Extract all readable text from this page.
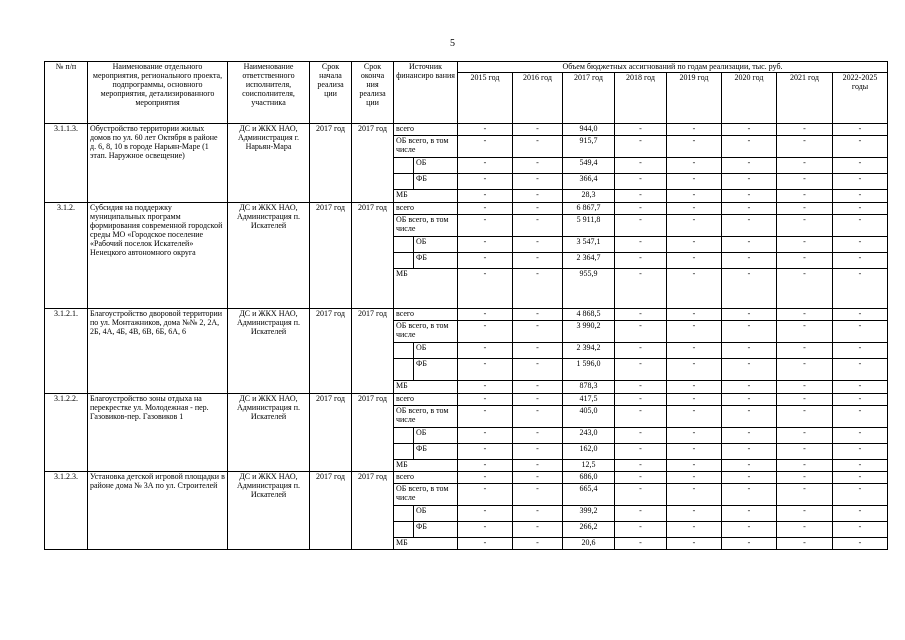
5
№ п/п	Наименование отдельного мероприятия, регионального проекта, подпрограммы, основного мероприятия, детализированного мероприятия	Наименование ответственного исполнителя, соисполнителя, участника	Срок начала реализа ции	Срок оконча ния реализа ции	Источник финансиро вания		Объем бюджетных ассигнований по годам реализации, тыс. руб.							
							2015 год	2016 год	2017 год	2018 год	2019 год	2020 год	2021 год	2022-2025 годы
3.1.1.3.	Обустройство территории жилых домов по ул. 60 лет Октября в районе д. 6, 8, 10 в городе Нарьян-Маре (1 этап. Наружное освещение)	ДС и ЖКХ НАО, Администрация г. Нарьян-Мара	2017 год	2017 год	всего		-	-	944,0	-	-	-	-	-
					ОБ всего, в том числе		-	-	915,7	-	-	-	-	-
						ОБ	-	-	549,4	-	-	-	-	-
						ФБ	-	-	366,4	-	-	-	-	-
					МБ		-	-	28,3	-	-	-	-	-
3.1.2.	Субсидия на поддержку муниципальных программ формирования современной городской среды МО «Городское поселение «Рабочий поселок Искателей» Ненецкого автономного округа	ДС и ЖКХ НАО, Администрация п. Искателей	2017 год	2017 год	всего		-	-	6 867,7	-	-	-	-	-
					ОБ всего, в том числе		-	-	5 911,8	-	-	-	-	-
						ОБ	-	-	3 547,1	-	-	-	-	-
						ФБ	-	-	2 364,7	-	-	-	-	-
					МБ		-	-	955,9	-	-	-	-	-
3.1.2.1.	Благоустройство дворовой территории по ул. Монтажников, дома №№ 2, 2А, 2Б, 4А, 4Б, 4В, 6В, 6Б, 6А, 6	ДС и ЖКХ НАО, Администрация п. Искателей	2017 год	2017 год	всего		-	-	4 868,5	-	-	-	-	-
					ОБ всего, в том числе		-	-	3 990,2	-	-	-	-	-
						ОБ	-	-	2 394,2	-	-	-	-	-
						ФБ	-	-	1 596,0	-	-	-	-	-
					МБ		-	-	878,3	-	-	-	-	-
3.1.2.2.	Благоустройство зоны отдыха на перекрестке ул. Молодежная - пер. Газовиков-пер. Газовиков 1	ДС и ЖКХ НАО, Администрация п. Искателей	2017 год	2017 год	всего		-	-	417,5	-	-	-	-	-
					ОБ всего, в том числе		-	-	405,0	-	-	-	-	-
						ОБ	-	-	243,0	-	-	-	-	-
						ФБ	-	-	162,0	-	-	-	-	-
					МБ		-	-	12,5	-	-	-	-	-
3.1.2.3.	Установка детской игровой площадки в районе дома № 3А по ул. Строителей	ДС и ЖКХ НАО, Администрация п. Искателей	2017 год	2017 год	всего		-	-	686,0	-	-	-	-	-
					ОБ всего, в том числе		-	-	665,4	-	-	-	-	-
						ОБ	-	-	399,2	-	-	-	-	-
						ФБ	-	-	266,2	-	-	-	-	-
					МБ		-	-	20,6	-	-	-	-	-
